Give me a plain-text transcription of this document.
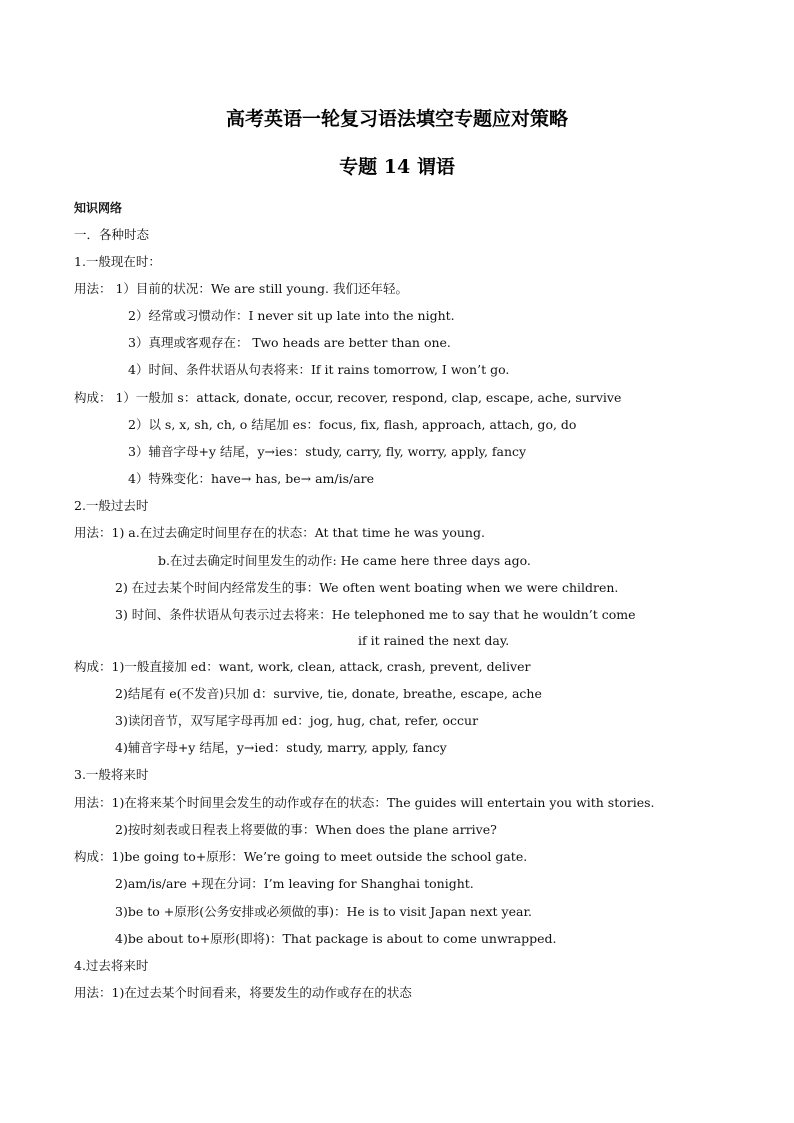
高考英语一轮复习语法填空专题应对策略
专题 14 谓语
知识网络
一．各种时态
1.一般现在时：
用法： 1）目前的状况：We are still young. 我们还年轻。
2）经常或习惯动作：I never sit up late into the night.
3）真理或客观存在： Two heads are better than one.
4）时间、条件状语从句表将来：If it rains tomorrow, I won’t go.
构成： 1）一般加 s：attack, donate, occur, recover, respond, clap, escape, ache, survive
2）以 s, x, sh, ch, o 结尾加 es：focus, fix, flash, approach, attach, go, do
3）辅音字母+y 结尾，y→ies：study, carry, fly, worry, apply, fancy
4）特殊变化：have→ has, be→ am/is/are
2.一般过去时
用法：1) a.在过去确定时间里存在的状态：At that time he was young.
b.在过去确定时间里发生的动作: He came here three days ago.
2) 在过去某个时间内经常发生的事：We often went boating when we were children.
3) 时间、条件状语从句表示过去将来：He telephoned me to say that he wouldn’t come
if it rained the next day.
构成：1)一般直接加 ed：want, work, clean, attack, crash, prevent, deliver
2)结尾有 e(不发音)只加 d：survive, tie, donate, breathe, escape, ache
3)读闭音节，双写尾字母再加 ed：jog, hug, chat, refer, occur
4)辅音字母+y 结尾，y→ied：study, marry, apply, fancy
3.一般将来时
用法：1)在将来某个时间里会发生的动作或存在的状态：The guides will entertain you with stories.
2)按时刻表或日程表上将要做的事：When does the plane arrive?
构成：1)be going to+原形：We’re going to meet outside the school gate.
2)am/is/are +现在分词：I’m leaving for Shanghai tonight.
3)be to +原形(公务安排或必须做的事)：He is to visit Japan next year.
4)be about to+原形(即将)：That package is about to come unwrapped.
4.过去将来时
用法：1)在过去某个时间看来，将要发生的动作或存在的状态
